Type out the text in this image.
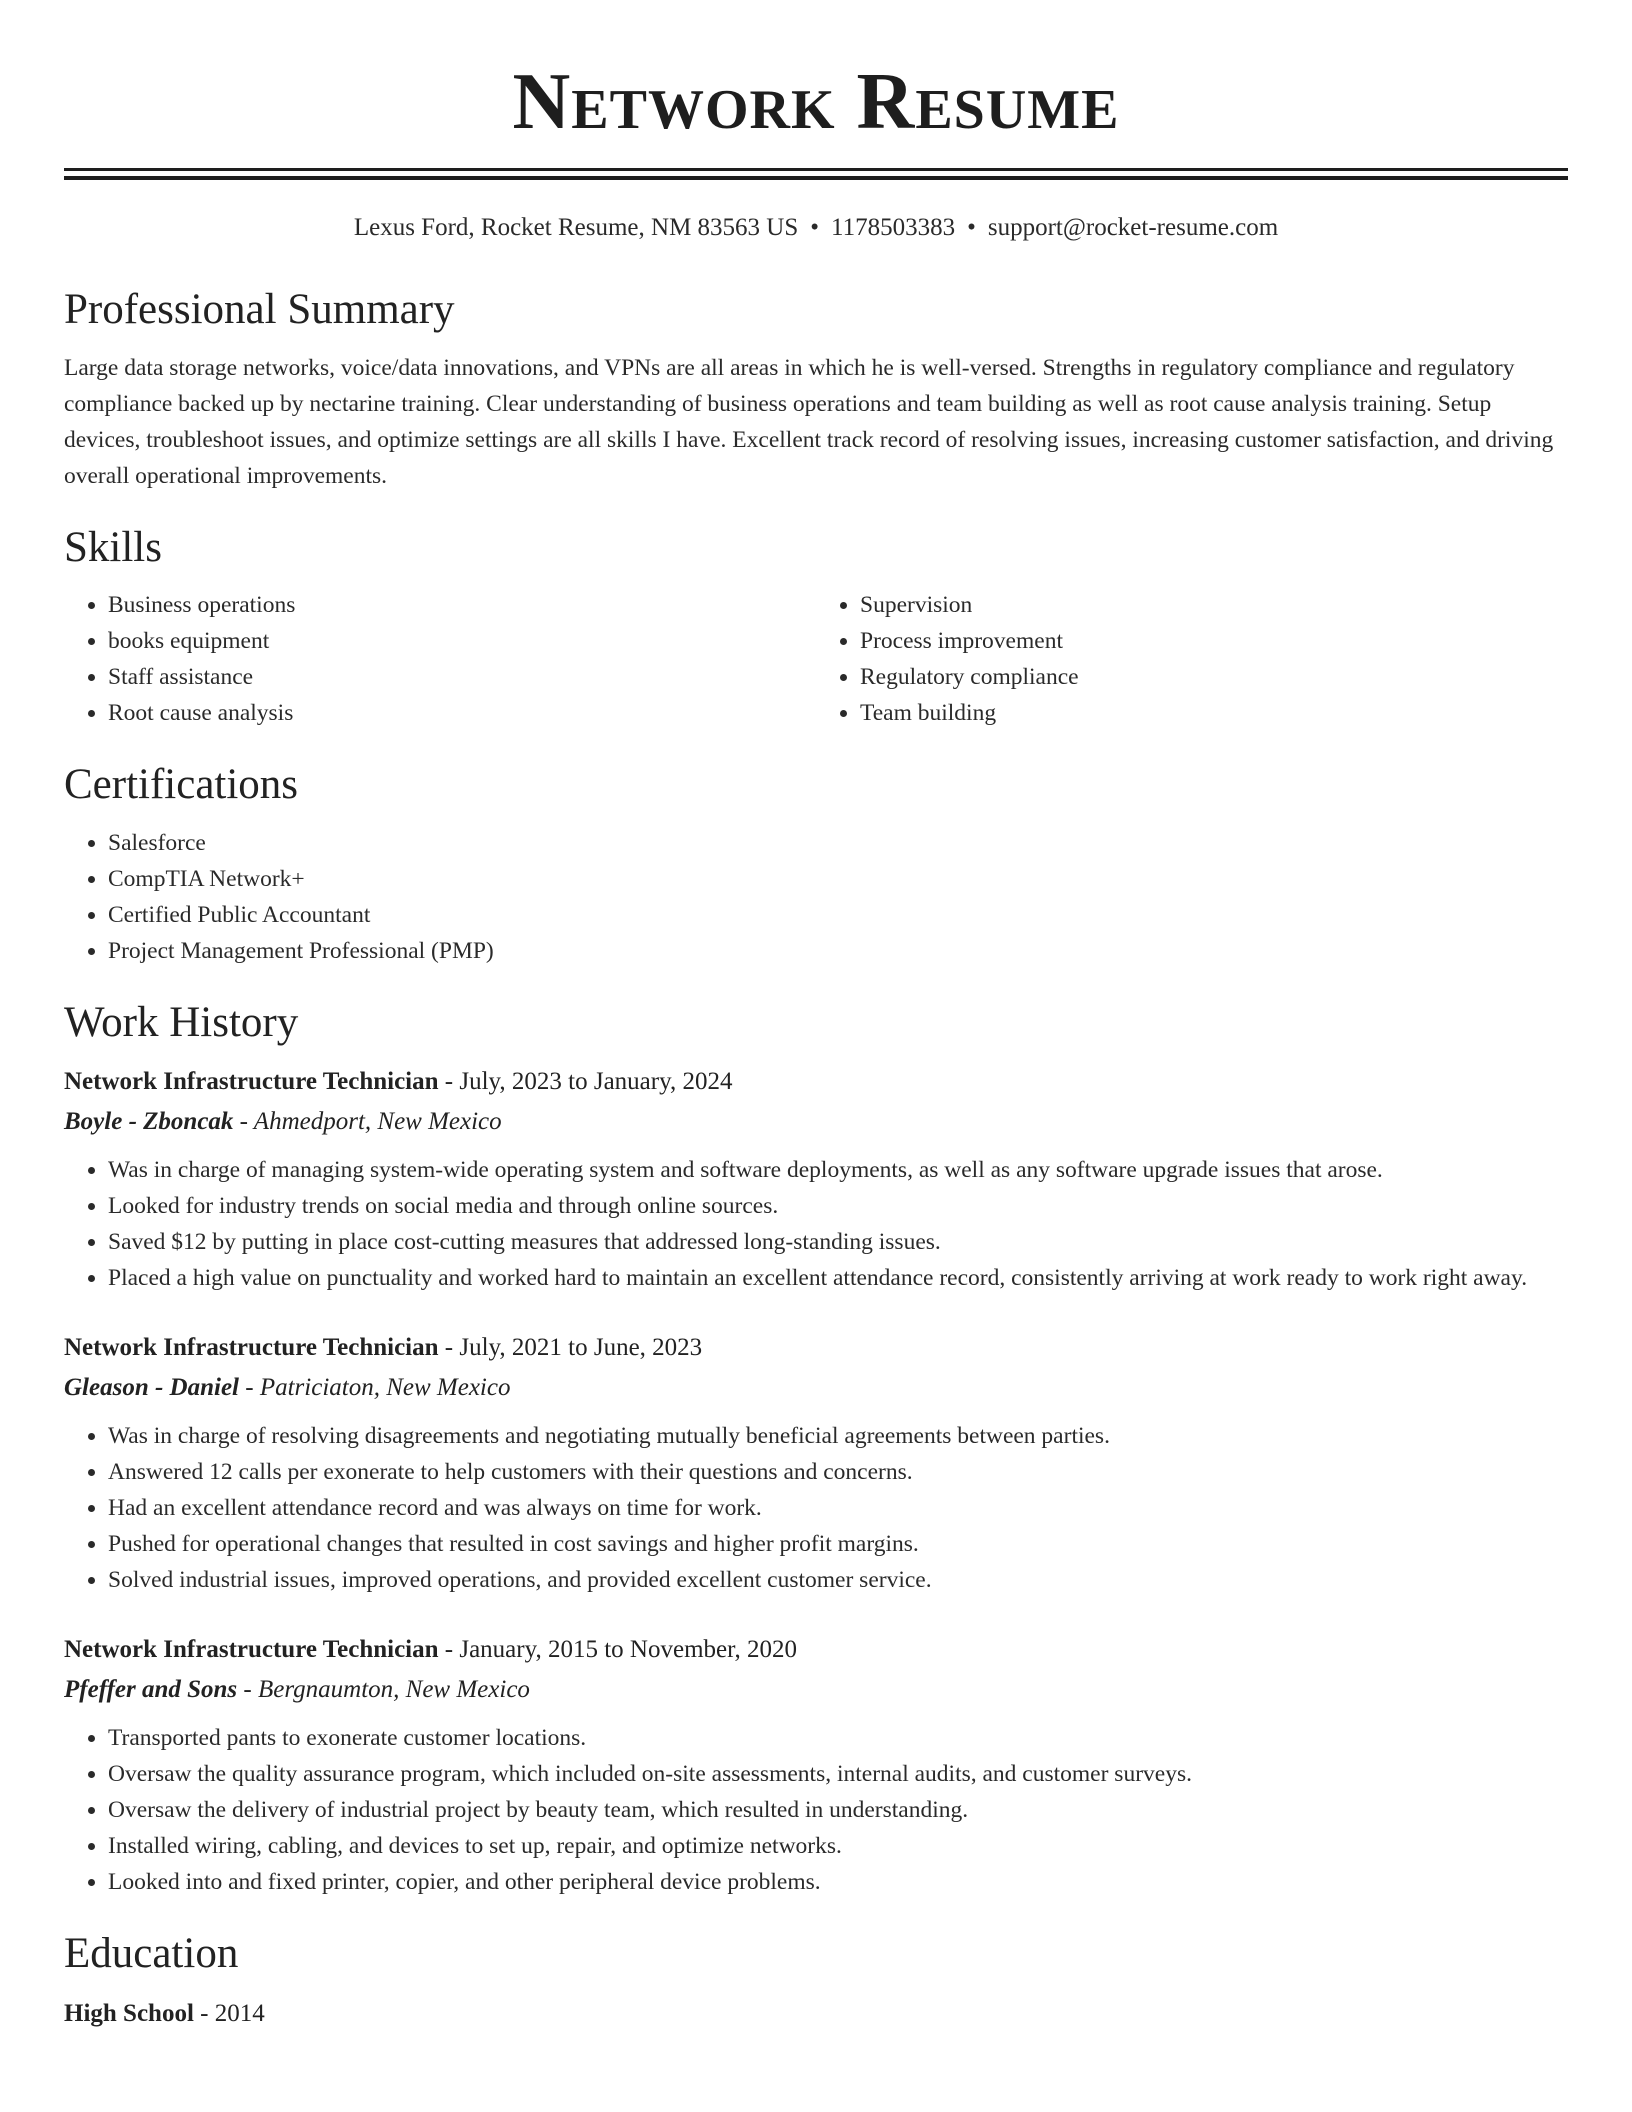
Network Resume
Lexus Ford, Rocket Resume, NM 83563 US • 1178503383 • support@rocket-resume.com
Professional Summary
Large data storage networks, voice/data innovations, and VPNs are all areas in which he is well-versed. Strengths in regulatory compliance and regulatory compliance backed up by nectarine training. Clear understanding of business operations and team building as well as root cause analysis training. Setup devices, troubleshoot issues, and optimize settings are all skills I have. Excellent track record of resolving issues, increasing customer satisfaction, and driving overall operational improvements.
Skills
• Business operations
• books equipment
• Staff assistance
• Root cause analysis
• Supervision
• Process improvement
• Regulatory compliance
• Team building
Certifications
• Salesforce
• CompTIA Network+
• Certified Public Accountant
• Project Management Professional (PMP)
Work History
Network Infrastructure Technician - July, 2023 to January, 2024
Boyle - Zboncak - Ahmedport, New Mexico
• Was in charge of managing system-wide operating system and software deployments, as well as any software upgrade issues that arose.
• Looked for industry trends on social media and through online sources.
• Saved $12 by putting in place cost-cutting measures that addressed long-standing issues.
• Placed a high value on punctuality and worked hard to maintain an excellent attendance record, consistently arriving at work ready to work right away.
Network Infrastructure Technician - July, 2021 to June, 2023
Gleason - Daniel - Patriciaton, New Mexico
• Was in charge of resolving disagreements and negotiating mutually beneficial agreements between parties.
• Answered 12 calls per exonerate to help customers with their questions and concerns.
• Had an excellent attendance record and was always on time for work.
• Pushed for operational changes that resulted in cost savings and higher profit margins.
• Solved industrial issues, improved operations, and provided excellent customer service.
Network Infrastructure Technician - January, 2015 to November, 2020
Pfeffer and Sons - Bergnaumton, New Mexico
• Transported pants to exonerate customer locations.
• Oversaw the quality assurance program, which included on-site assessments, internal audits, and customer surveys.
• Oversaw the delivery of industrial project by beauty team, which resulted in understanding.
• Installed wiring, cabling, and devices to set up, repair, and optimize networks.
• Looked into and fixed printer, copier, and other peripheral device problems.
Education
High School - 2014
